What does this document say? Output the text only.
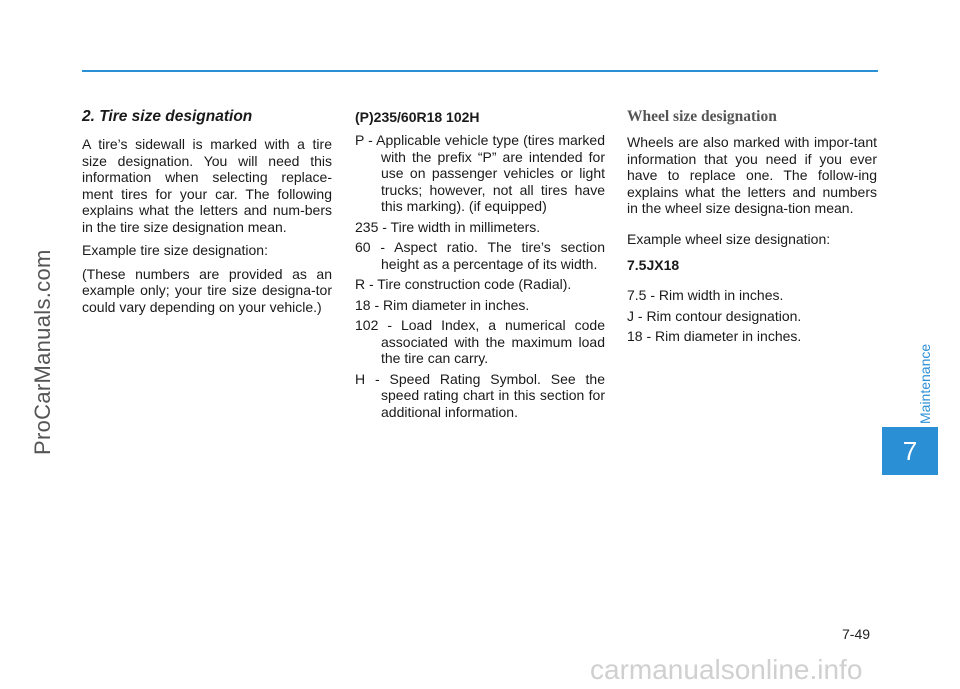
ProCarManuals.com	Maintenance
7
2. Tire size designation

A tire’s sidewall is marked with a tire size designation. You will need this information when selecting replace-ment tires for your car. The following explains what the letters and num-bers in the tire size designation mean.

Example tire size designation:

(These numbers are provided as an example only; your tire size designa-tor could vary depending on your vehicle.)

(P)235/60R18 102H

P - Applicable vehicle type (tires marked with the prefix “P” are intended for use on passenger vehicles or light trucks; however, not all tires have this marking). (if equipped)

235 - Tire width in millimeters.

60 - Aspect ratio. The tire’s section height as a percentage of its width.

R - Tire construction code (Radial).

18 - Rim diameter in inches.

102 - Load Index, a numerical code associated with the maximum load the tire can carry.

H - Speed Rating Symbol. See the speed rating chart in this section for additional information.

Wheel size designation

Wheels are also marked with impor-tant information that you need if you ever have to replace one. The follow-ing explains what the letters and numbers in the wheel size designa-tion mean.

Example wheel size designation:

7.5JX18

7.5 - Rim width in inches.

J - Rim contour designation.

18 - Rim diameter in inches.

7-49
carmanualsonline.info
